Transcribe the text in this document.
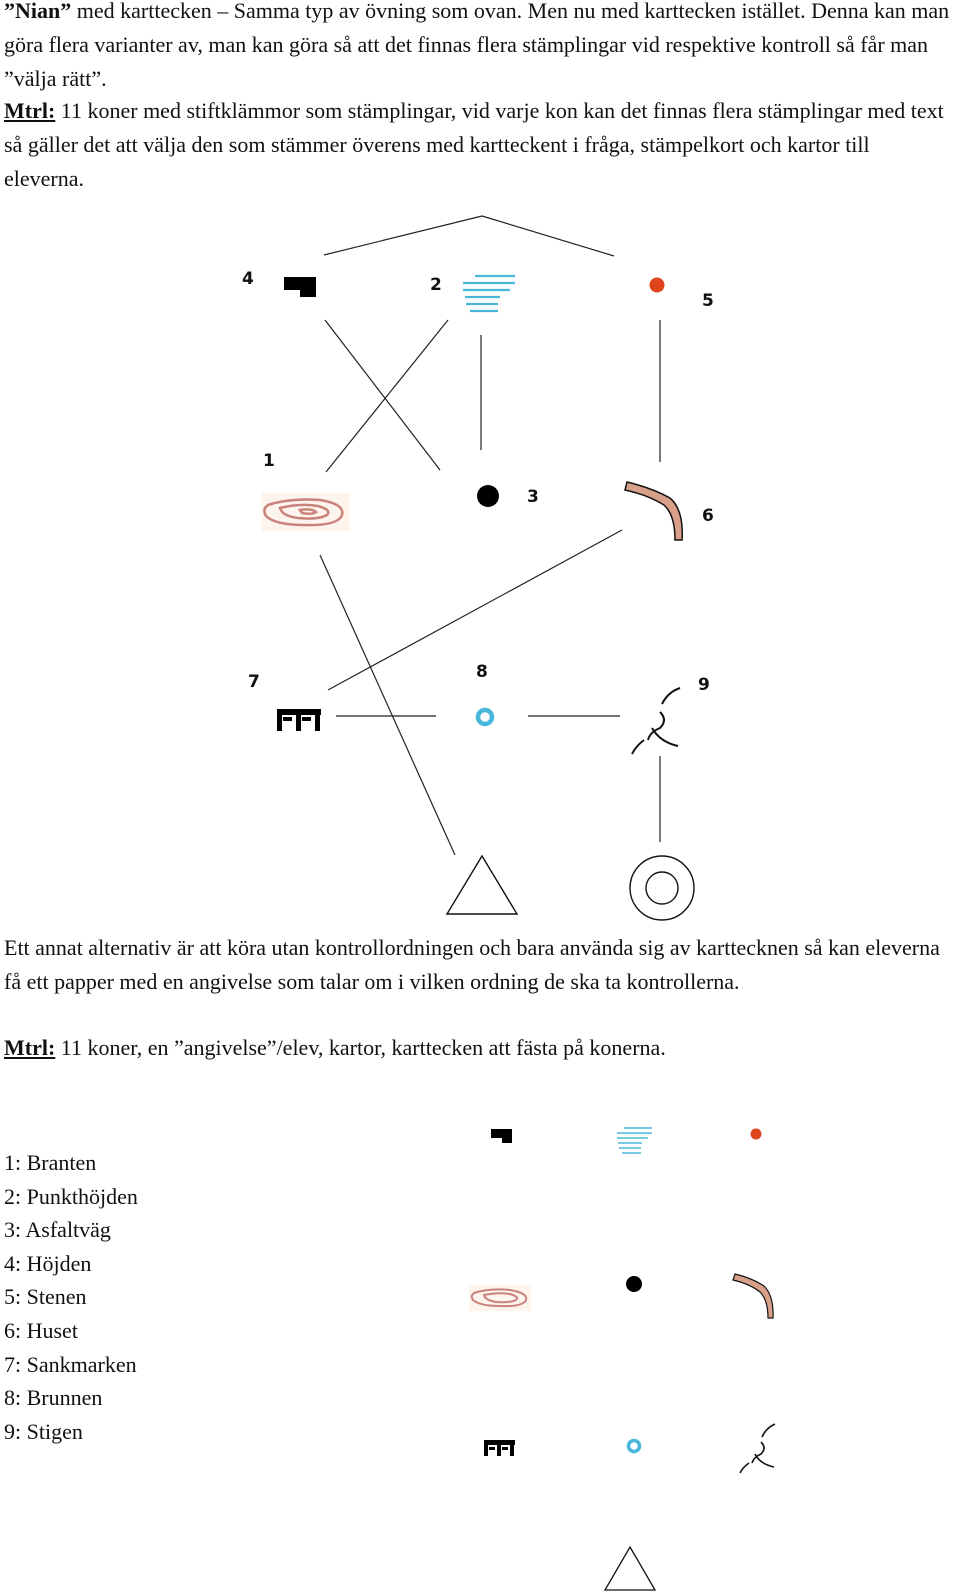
”Nian” med karttecken – Samma typ av övning som ovan. Men nu med karttecken istället. Denna kan man göra flera varianter av, man kan göra så att det finnas flera stämplingar vid respektive kontroll så får man ”välja rätt”.

Mtrl: 11 koner med stiftklämmor som stämplingar, vid varje kon kan det finnas flera stämplingar med text så gäller det att välja den som stämmer överens med kartteckent i fråga, stämpelkort och kartor till eleverna.

4	2
5
1
3
6
7	8
9

Ett annat alternativ är att köra utan kontrollordningen och bara använda sig av karttecknen så kan eleverna få ett papper med en angivelse som talar om i vilken ordning de ska ta kontrollerna.

Mtrl: 11 koner, en ”angivelse”/elev, kartor, karttecken att fästa på konerna.

1: Branten
2: Punkthöjden
3: Asfaltväg
4: Höjden
5: Stenen
6: Huset
7: Sankmarken
8: Brunnen
9: Stigen
